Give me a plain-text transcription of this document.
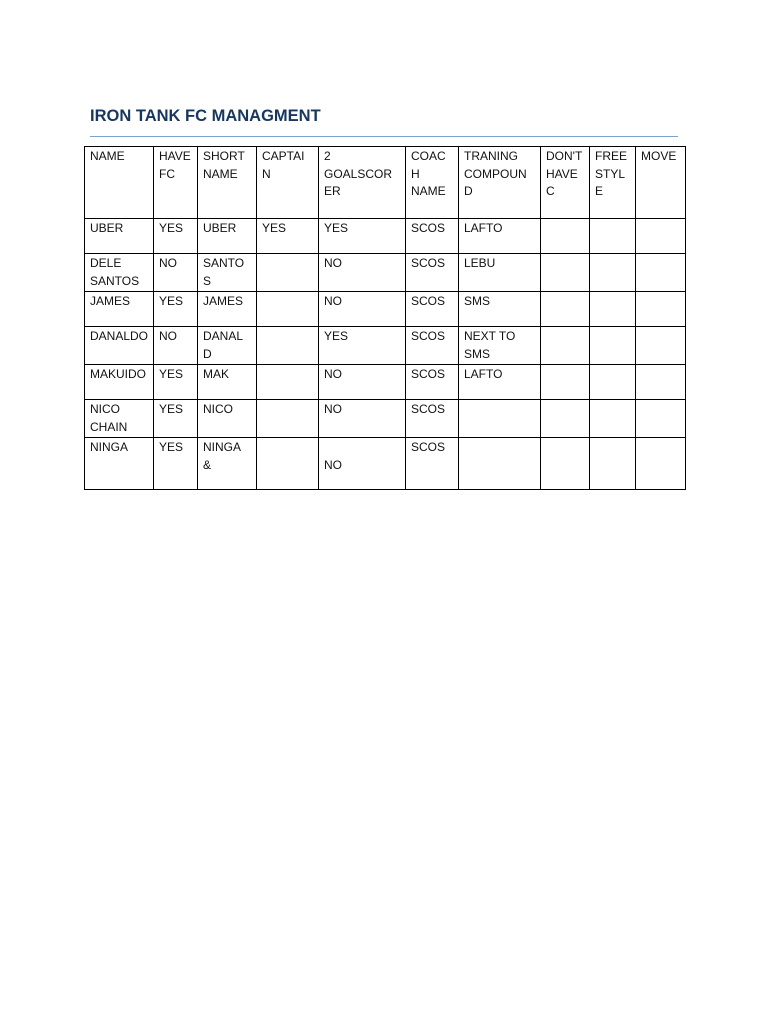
IRON TANK FC MANAGMENT
NAME	HAVE FC	SHORT NAME	CAPTAIN	2 GOALSCORER	COACH NAME	TRANING COMPOUND	DON'T HAVE C	FREE STYLE	MOVE
UBER	YES	UBER	YES	YES	SCOS	LAFTO			
DELE SANTOS	NO	SANTOS		NO	SCOS	LEBU			
JAMES	YES	JAMES		NO	SCOS	SMS			
DANALDO	NO	DANALD		YES	SCOS	NEXT TO SMS			
MAKUIDO	YES	MAK		NO	SCOS	LAFTO			
NICO CHAIN	YES	NICO		NO	SCOS				
NINGA	YES	NINGA &		NO	SCOS				
